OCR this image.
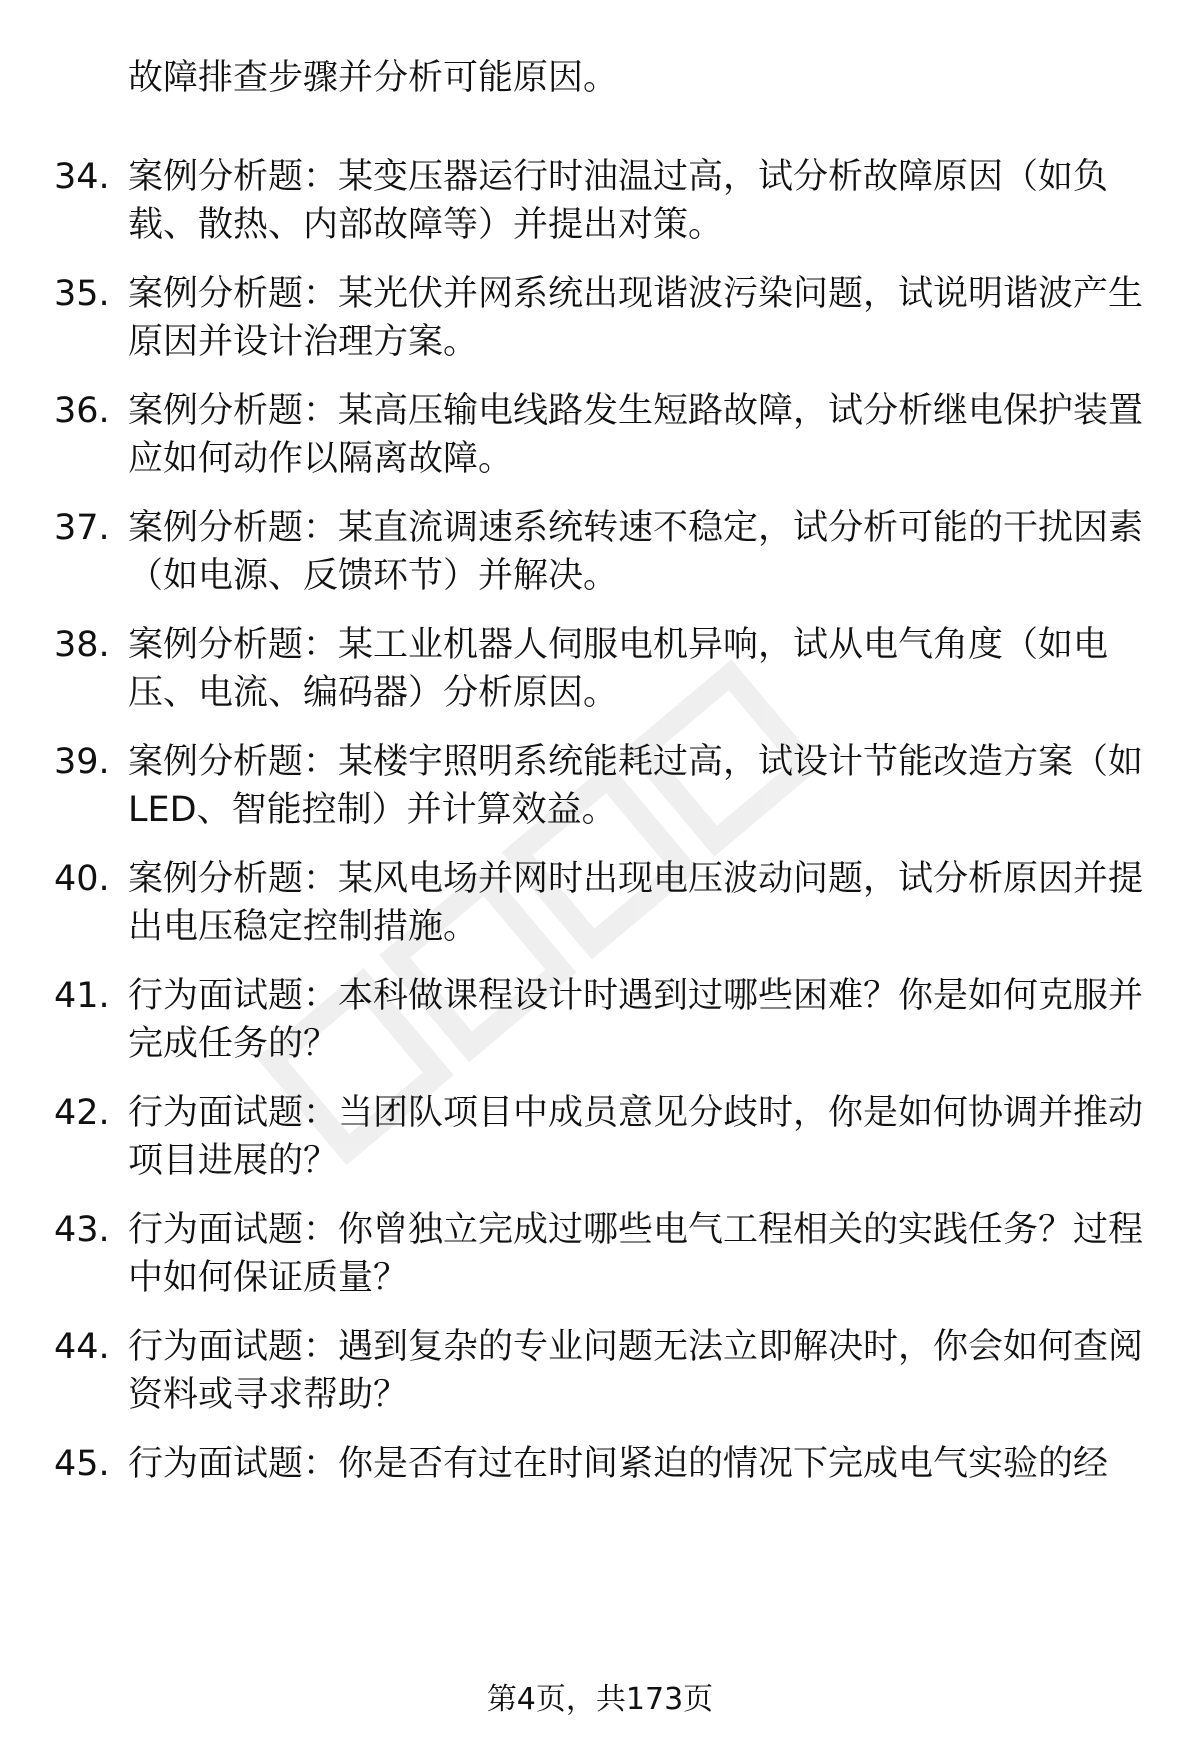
故障排查步骤并分析可能原因。
34. 案例分析题：某变压器运行时油温过高，试分析故障原因（如负载、散热、内部故障等）并提出对策。
35. 案例分析题：某光伏并网系统出现谐波污染问题，试说明谐波产生原因并设计治理方案。
36. 案例分析题：某高压输电线路发生短路故障，试分析继电保护装置应如何动作以隔离故障。
37. 案例分析题：某直流调速系统转速不稳定，试分析可能的干扰因素（如电源、反馈环节）并解决。
38. 案例分析题：某工业机器人伺服电机异响，试从电气角度（如电压、电流、编码器）分析原因。
39. 案例分析题：某楼宇照明系统能耗过高，试设计节能改造方案（如LED、智能控制）并计算效益。
40. 案例分析题：某风电场并网时出现电压波动问题，试分析原因并提出电压稳定控制措施。
41. 行为面试题：本科做课程设计时遇到过哪些困难？你是如何克服并完成任务的？
42. 行为面试题：当团队项目中成员意见分歧时，你是如何协调并推动项目进展的？
43. 行为面试题：你曾独立完成过哪些电气工程相关的实践任务？过程中如何保证质量？
44. 行为面试题：遇到复杂的专业问题无法立即解决时，你会如何查阅资料或寻求帮助？
45. 行为面试题：你是否有过在时间紧迫的情况下完成电气实验的经
第4页，共173页
